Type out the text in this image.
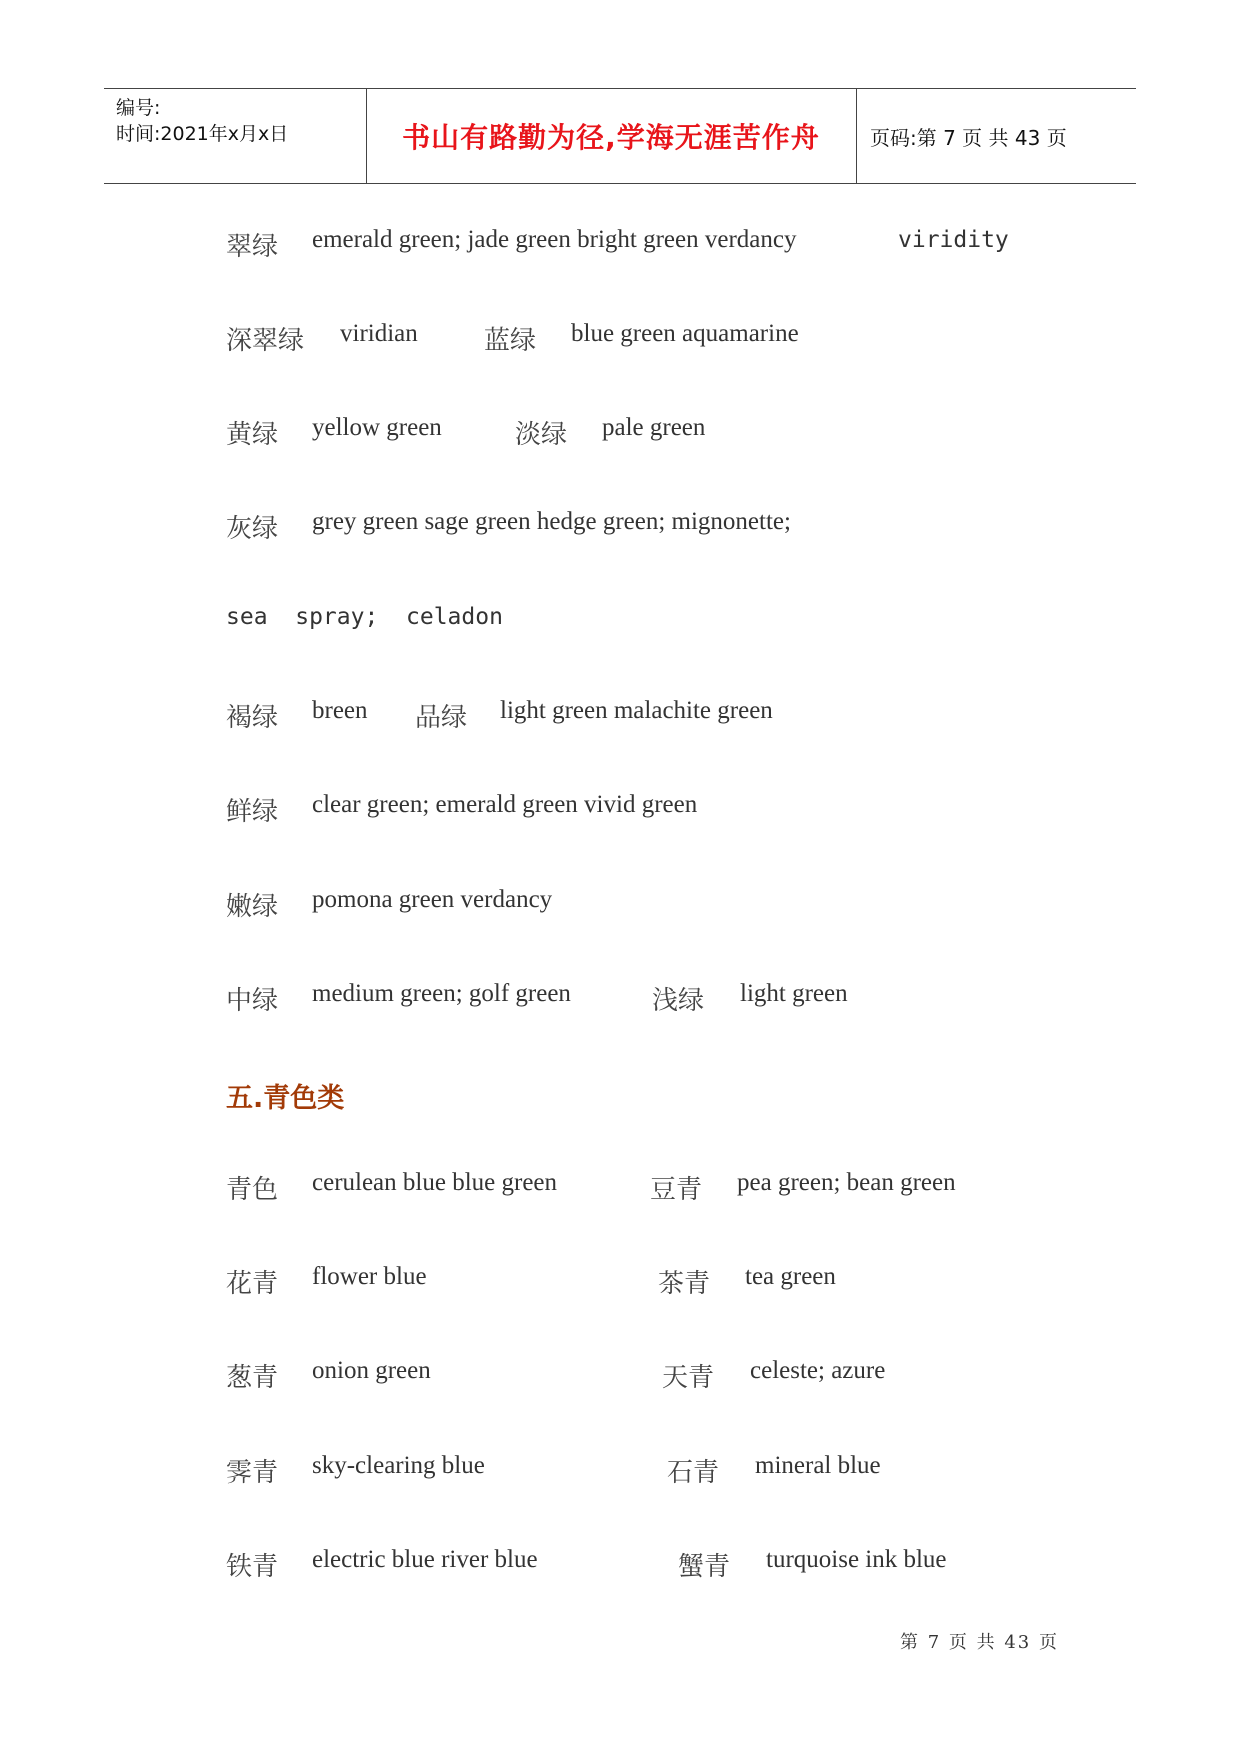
编号:
时间:2021年x月x日	书山有路勤为径,学海无涯苦作舟	页码:第 7 页 共 43 页
翠绿 emerald green; jade green bright green verdancy	viridity
深翠绿 viridian	蓝绿 blue green aquamarine
黄绿 yellow green	淡绿 pale green
灰绿 grey green sage green hedge green; mignonette;
sea  spray;  celadon
褐绿 breen 品绿 light green malachite green
鲜绿 clear green; emerald green vivid green
嫩绿 pomona green verdancy
中绿 medium green; golf green	浅绿 light green
五.青色类
青色 cerulean blue blue green	豆青 pea green; bean green
花青 flower blue	茶青 tea green
葱青 onion green	天青 celeste; azure
霁青 sky-clearing blue	石青 mineral blue
铁青 electric blue river blue	蟹青 turquoise ink blue
第 7 页 共 43 页
